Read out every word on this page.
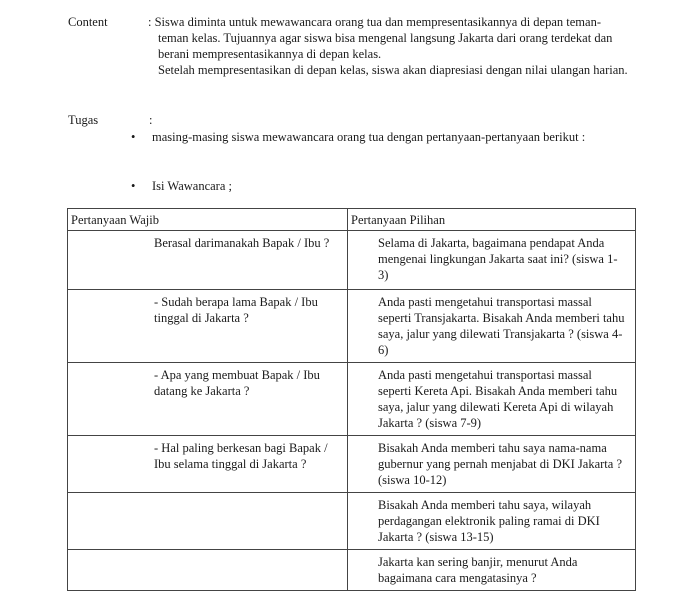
Content	: Siswa diminta untuk mewawancara orang tua dan mempresentasikannya di depan teman-teman kelas. Tujuannya agar siswa bisa mengenal langsung Jakarta dari orang terdekat dan berani mempresentasikannya di depan kelas.
Setelah mempresentasikan di depan kelas, siswa akan diapresiasi dengan nilai ulangan harian.
Tugas	:
•	masing-masing siswa mewawancara orang tua dengan pertanyaan-pertanyaan berikut :
•	Isi Wawancara ;
Pertanyaan Wajib	Pertanyaan Pilihan
Berasal darimanakah Bapak / Ibu ?	Selama di Jakarta, bagaimana pendapat Anda mengenai lingkungan Jakarta saat ini? (siswa 1-3)
- Sudah berapa lama Bapak / Ibu tinggal di Jakarta ?	Anda pasti mengetahui transportasi massal seperti Transjakarta. Bisakah Anda memberi tahu saya, jalur yang dilewati Transjakarta ? (siswa 4-6)
- Apa yang membuat Bapak / Ibu datang ke Jakarta ?	Anda pasti mengetahui transportasi massal seperti Kereta Api. Bisakah Anda memberi tahu saya, jalur yang dilewati Kereta Api di wilayah Jakarta ? (siswa 7-9)
- Hal paling berkesan bagi Bapak / Ibu selama tinggal di Jakarta ?	Bisakah Anda memberi tahu saya nama-nama gubernur yang pernah menjabat di DKI Jakarta ? (siswa 10-12)
	Bisakah Anda memberi tahu saya, wilayah perdagangan elektronik paling ramai di DKI Jakarta ? (siswa 13-15)
	Jakarta kan sering banjir, menurut Anda bagaimana cara mengatasinya ?
